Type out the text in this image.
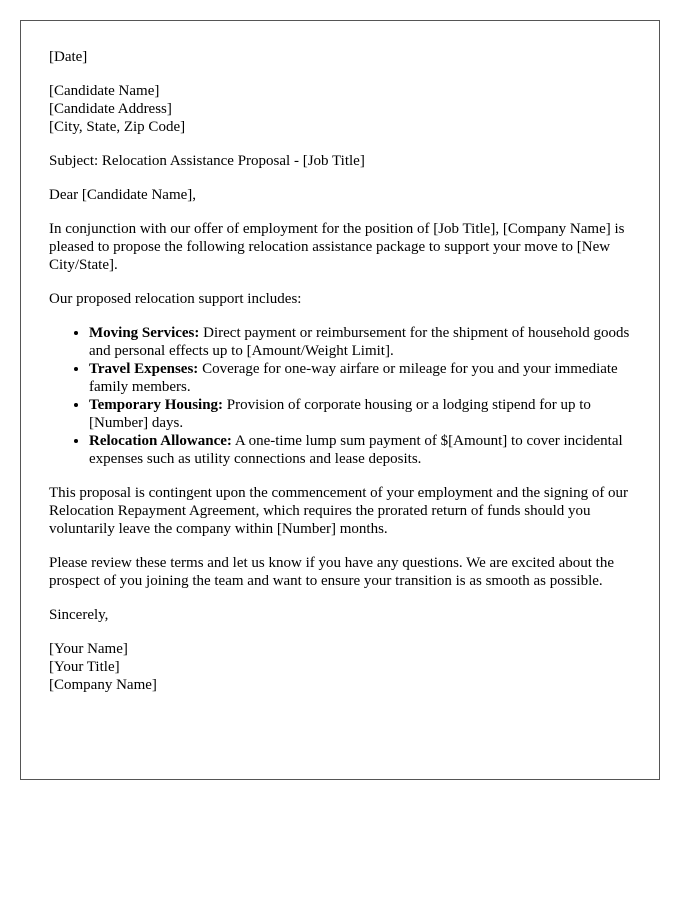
[Date]

[Candidate Name]
[Candidate Address]
[City, State, Zip Code]

Subject: Relocation Assistance Proposal - [Job Title]

Dear [Candidate Name],

In conjunction with our offer of employment for the position of [Job Title], [Company Name] is pleased to propose the following relocation assistance package to support your move to [New City/State].

Our proposed relocation support includes:

• Moving Services: Direct payment or reimbursement for the shipment of household goods and personal effects up to [Amount/Weight Limit].
• Travel Expenses: Coverage for one-way airfare or mileage for you and your immediate family members.
• Temporary Housing: Provision of corporate housing or a lodging stipend for up to [Number] days.
• Relocation Allowance: A one-time lump sum payment of $[Amount] to cover incidental expenses such as utility connections and lease deposits.

This proposal is contingent upon the commencement of your employment and the signing of our Relocation Repayment Agreement, which requires the prorated return of funds should you voluntarily leave the company within [Number] months.

Please review these terms and let us know if you have any questions. We are excited about the prospect of you joining the team and want to ensure your transition is as smooth as possible.

Sincerely,

[Your Name]
[Your Title]
[Company Name]
